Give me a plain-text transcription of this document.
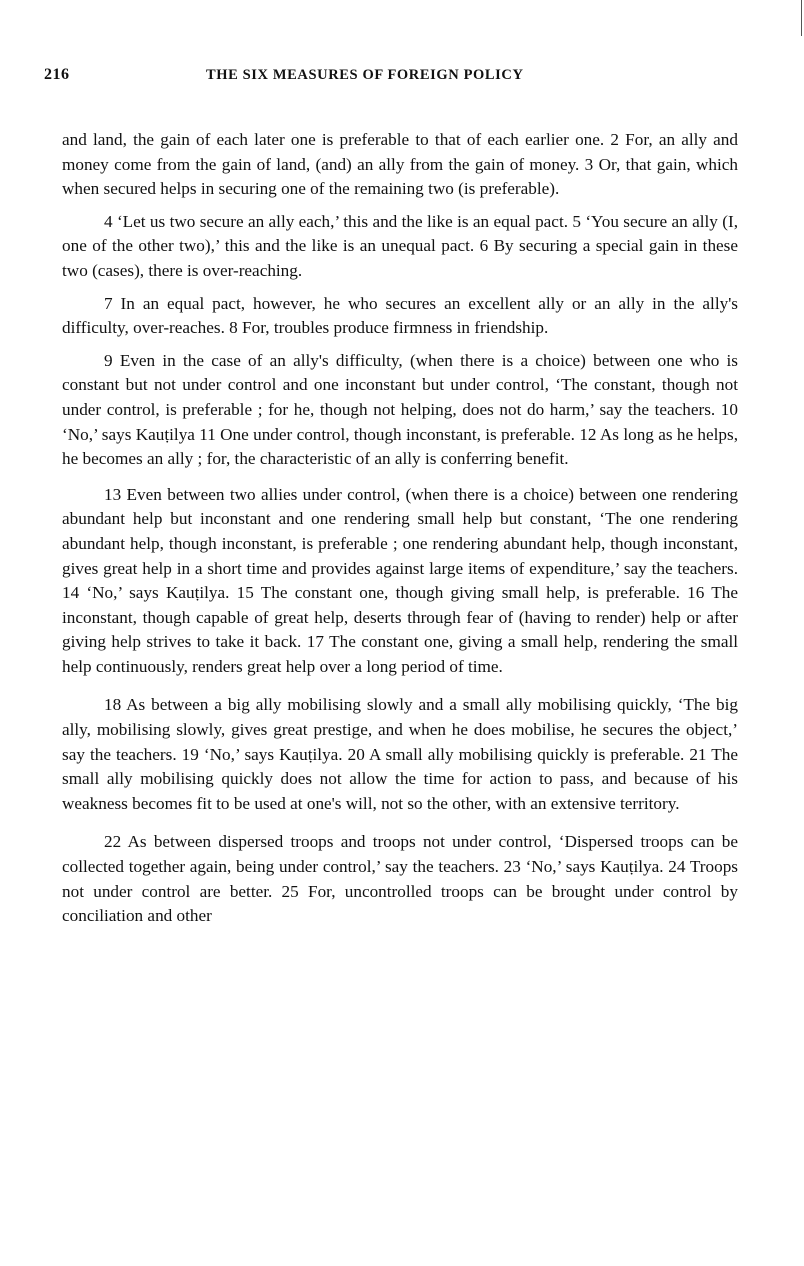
216	THE SIX MEASURES OF FOREIGN POLICY

and land, the gain of each later one is preferable to that of each earlier one. 2 For, an ally and money come from the gain of land, (and) an ally from the gain of money. 3 Or, that gain, which when secured helps in securing one of the remaining two (is preferable).

4 ‘Let us two secure an ally each,’ this and the like is an equal pact. 5 ‘You secure an ally (I, one of the other two),’ this and the like is an unequal pact. 6 By securing a special gain in these two (cases), there is over-reaching.

7 In an equal pact, however, he who secures an excellent ally or an ally in the ally's difficulty, over-reaches. 8 For, troubles produce firmness in friendship.

9 Even in the case of an ally's difficulty, (when there is a choice) between one who is constant but not under control and one inconstant but under control, ‘The constant, though not under control, is preferable ; for he, though not helping, does not do harm,’ say the teachers. 10 ‘No,’ says Kauṭilya 11 One under control, though inconstant, is preferable. 12 As long as he helps, he becomes an ally ; for, the characteristic of an ally is conferring benefit.

13 Even between two allies under control, (when there is a choice) between one rendering abundant help but inconstant and one rendering small help but constant, ‘The one rendering abundant help, though inconstant, is preferable ; one rendering abundant help, though inconstant, gives great help in a short time and provides against large items of expenditure,’ say the teachers. 14 ‘No,’ says Kauṭilya. 15 The constant one, though giving small help, is preferable. 16 The inconstant, though capable of great help, deserts through fear of (having to render) help or after giving help strives to take it back. 17 The constant one, giving a small help, rendering the small help continuously, renders great help over a long period of time.

18 As between a big ally mobilising slowly and a small ally mobilising quickly, ‘The big ally, mobilising slowly, gives great prestige, and when he does mobilise, he secures the object,’ say the teachers. 19 ‘No,’ says Kauṭilya. 20 A small ally mobilising quickly is preferable. 21 The small ally mobilising quickly does not allow the time for action to pass, and because of his weakness becomes fit to be used at one's will, not so the other, with an extensive territory.

22 As between dispersed troops and troops not under control, ‘Dispersed troops can be collected together again, being under control,’ say the teachers. 23 ‘No,’ says Kauṭilya. 24 Troops not under control are better. 25 For, uncontrolled troops can be brought under control by conciliation and other
